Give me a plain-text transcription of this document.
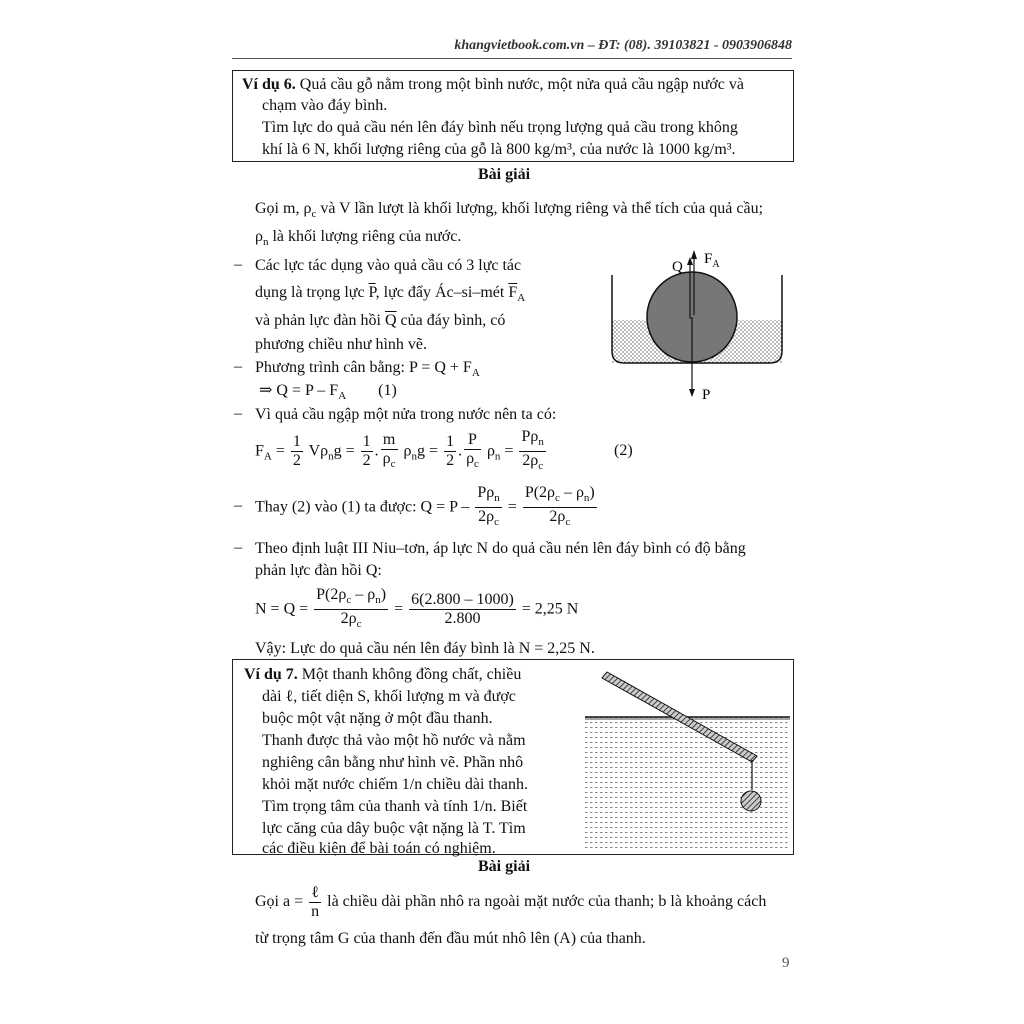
khangvietbook.com.vn – ĐT: (08). 39103821 - 0903906848
Ví dụ 6. Quả cầu gỗ nằm trong một bình nước, một nửa quả cầu ngập nước và
chạm vào đáy bình.
Tìm lực do quả cầu nén lên đáy bình nếu trọng lượng quả cầu trong không
khí là 6 N, khối lượng riêng của gỗ là 800 kg/m³, của nước là 1000 kg/m³.
Bài giải
Gọi m, $\rho_c$ và V lần lượt là khối lượng, khối lượng riêng và thể tích của quả cầu;
$\rho_n$ là khối lượng riêng của nước.
– Các lực tác dụng vào quả cầu có 3 lực tác
dụng là trọng lực $\overline{P}$, lực đẩy Ác–si–mét $\overline{F}_A$
và phản lực đàn hồi $\overline{Q}$ của đáy bình, có
phương chiều như hình vẽ.
– Phương trình cân bằng: $P = Q + F_A$
⇒ $Q = P - F_A$        (1)
– Vì quả cầu ngập một nửa trong nước nên ta có:
$F_A = \frac{1}{2} V\rho_ng = \frac{1}{2}$ . $\frac{m}{\rho_c} \rho_ng = \frac{1}{2}$ . $\frac{P}{\rho_c} \rho_n = \frac{P\rho_n}{2\rho_c}$	(2)
– Thay (2) vào (1) ta được: $Q = P - \frac{P\rho_n}{2\rho_c} = \frac{P(2\rho_c - \rho_n)}{2\rho_c}$
– Theo định luật III Niu–tơn, áp lực N do quả cầu nén lên đáy bình có độ bằng
phản lực đàn hồi Q:
$N = Q = \frac{P(2\rho_c - \rho_n)}{2\rho_c} = \frac{6(2.800 - 1000)}{2.800} = 2,25$ N
Vậy: Lực do quả cầu nén lên đáy bình là N = 2,25 N.
Q $F_A$
P
Ví dụ 7. Một thanh không đồng chất, chiều
dài ℓ, tiết diện S, khối lượng m và được
buộc một vật nặng ở một đầu thanh.
Thanh được thả vào một hồ nước và nằm
nghiêng cân bằng như hình vẽ. Phần nhô
khỏi mặt nước chiếm 1/n chiều dài thanh.
Tìm trọng tâm của thanh và tính 1/n. Biết
lực căng của dây buộc vật nặng là T. Tìm
các điều kiện để bài toán có nghiệm.
Bài giải
Gọi $a = \frac{\text{ℓ}}{n}$ là chiều dài phần nhô ra ngoài mặt nước của thanh; b là khoảng cách
từ trọng tâm G của thanh đến đầu mút nhô lên (A) của thanh.
9
